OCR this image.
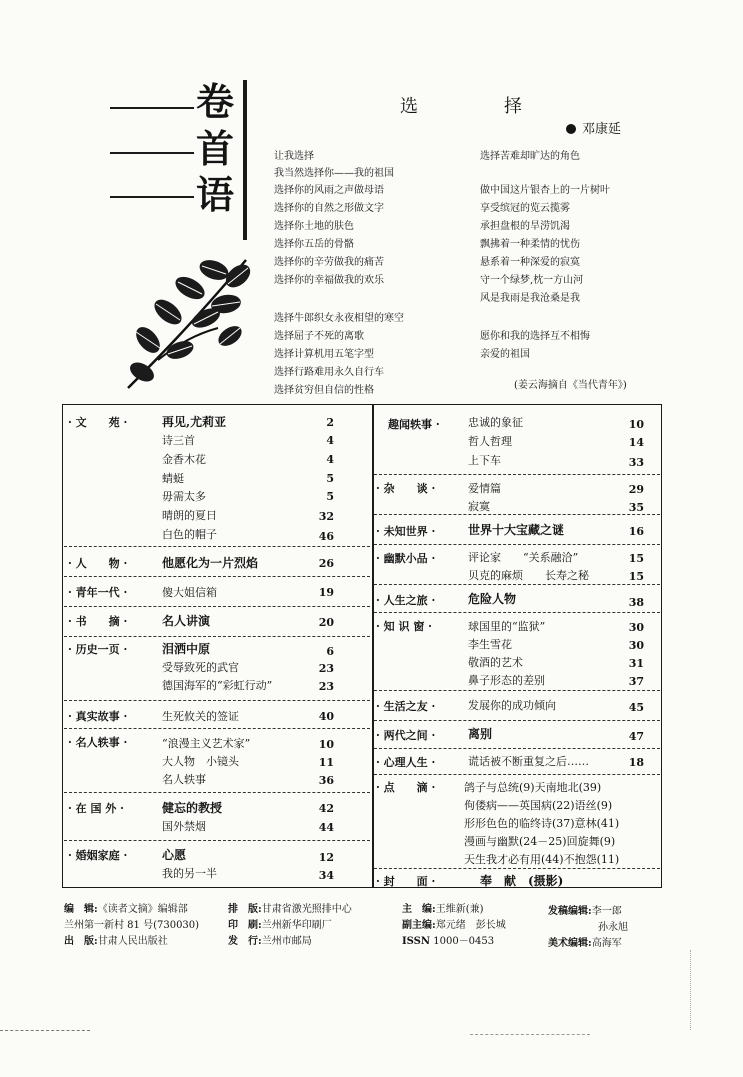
卷
首
语
选　择
邓康延
让我选择
我当然选择你——我的祖国
选择你的风雨之声做母语
选择你的自然之形做文字
选择你土地的肤色
选择你五岳的骨骼
选择你的辛劳做我的痛苦
选择你的幸福做我的欢乐
选择牛郎织女永夜相望的寒空
选择屈子不死的离歌
选择计算机用五笔字型
选择行路难用永久自行车
选择贫穷但自信的性格
选择苦难却旷达的角色
做中国这片银杏上的一片树叶
享受缤冠的览云揽雾
承担盘根的旱涝饥渴
飘拂着一种柔情的忧伤
悬系着一种深爱的寂寞
守一个绿梦,枕一方山河
风是我雨是我沧桑是我
愿你和我的选择互不相悔
亲爱的祖国
(姜云海摘自《当代青年》)
· 文　　苑 ·	再见,尤莉亚	2
诗三首	4
金香木花	4
蜻蜓	5
毋需太多	5
晴朗的夏日	32
白色的帽子	46
· 人　　物 ·	他愿化为一片烈焰	26
· 青年一代 ·	傻大姐信箱	19
· 书　　摘 ·	名人讲演	20
· 历史一页 ·	泪洒中原	6
受辱致死的武官	23
德国海军的“彩虹行动”	23
· 真实故事 ·	生死攸关的签证	40
· 名人轶事 ·	“浪漫主义艺术家”	10
大人物　小镜头	11
名人轶事	36
· 在 国 外 ·	健忘的教授	42
国外禁烟	44
· 婚姻家庭 ·	心愿	12
我的另一半	34
趣闻轶事 ·	忠诚的象征	10
哲人哲理	14
上下车	33
· 杂　　谈 ·	爱情篇	29
寂寞	35
· 未知世界 ·	世界十大宝藏之谜	16
· 幽默小品 ·	评论家　　“关系融洽”	15
贝克的麻烦　　长寿之秘	15
· 人生之旅 ·	危险人物	38
· 知 识 窗 ·	球国里的“监狱”	30
李生雪花	30
敬酒的艺术	31
鼻子形态的差别	37
· 生活之友 ·	发展你的成功倾向	45
· 两代之间 ·	离别	47
· 心理人生 ·	谎话被不断重复之后……	18
· 点　　滴 ·	鸽子与总统(9)天南地北(39)
佝偻病——英国病(22)语丝(9)
形形色色的临终诗(37)意林(41)
漫画与幽默(24－25)回旋舞(9)
天生我才必有用(44)不抱怨(11)
· 封　　面 ·	奉　献　(摄影)
编　辑:《读者文摘》编辑部
兰州第一新村 81 号(730030)
出　版:甘肃人民出版社
排　版:甘肃省激光照排中心
印　刷:兰州新华印刷厂
发　行:兰州市邮局
主　编:王维新(兼)
副主编:郑元绪　彭长城
ISSN 1000－0453
发稿编辑:李一郎
孙永旭
美术编辑:高海军
